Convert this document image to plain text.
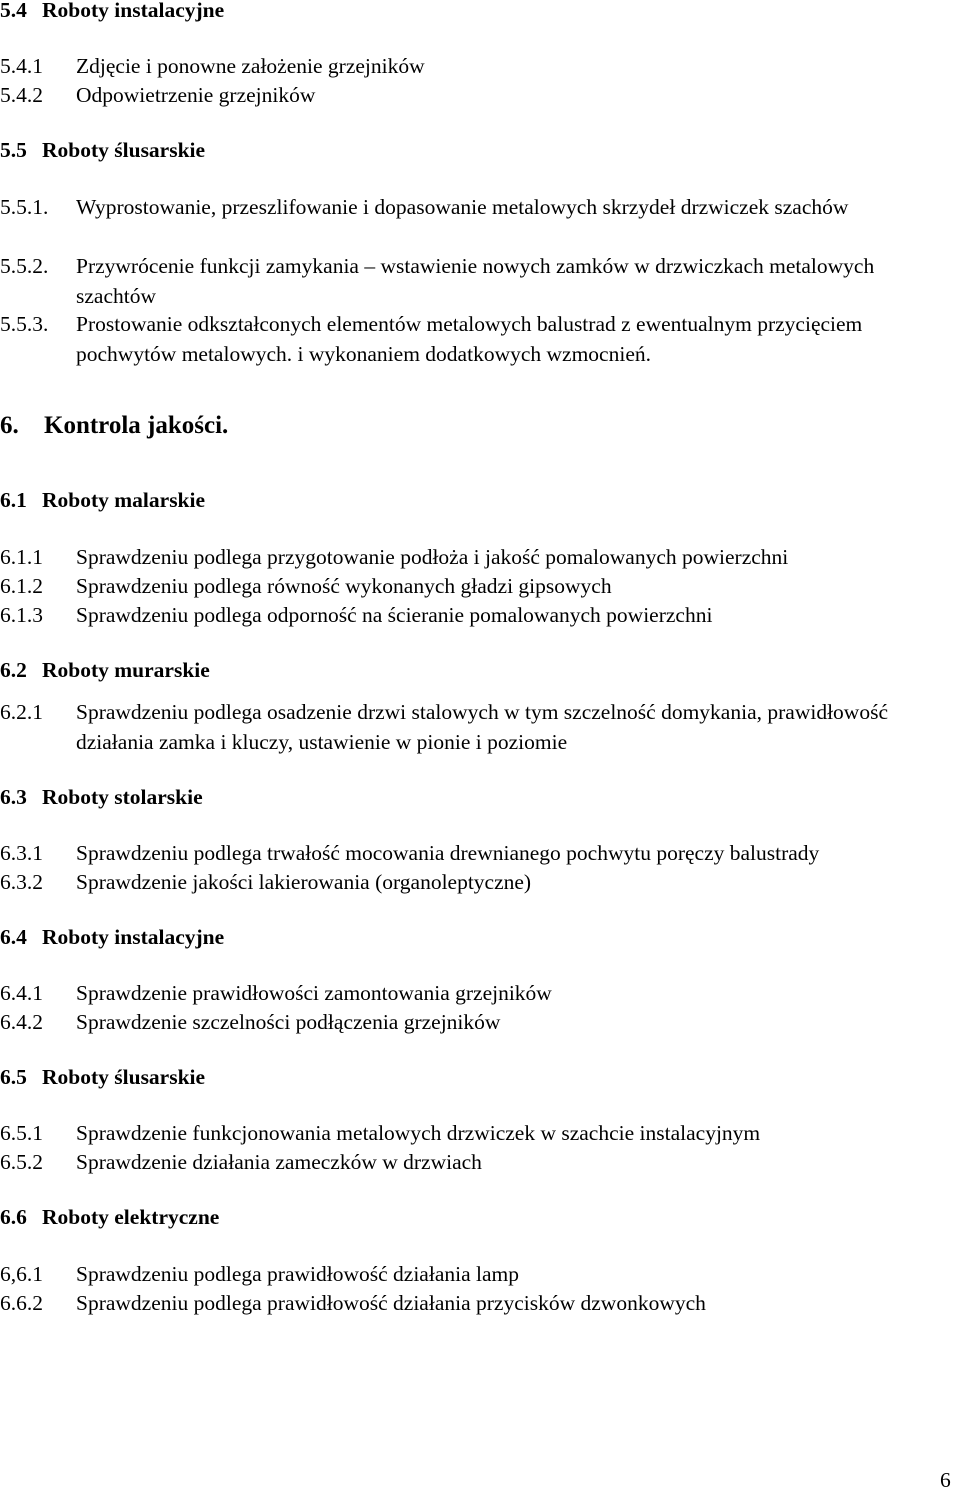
5.4 Roboty instalacyjne
5.4.1	Zdjęcie i ponowne założenie grzejników
5.4.2	Odpowietrzenie grzejników
5.5 Roboty ślusarskie
5.5.1.	Wyprostowanie, przeszlifowanie i dopasowanie metalowych skrzydeł drzwiczek szachów
5.5.2.	Przywrócenie funkcji zamykania – wstawienie nowych zamków w drzwiczkach metalowych szachtów
5.5.3.	Prostowanie odkształconych elementów metalowych balustrad z ewentualnym przycięciem pochwytów metalowych. i wykonaniem dodatkowych wzmocnień.
6. Kontrola jakości.
6.1 Roboty malarskie
6.1.1	Sprawdzeniu podlega przygotowanie podłoża i jakość pomalowanych powierzchni
6.1.2	Sprawdzeniu podlega równość wykonanych gładzi gipsowych
6.1.3	Sprawdzeniu podlega odporność na ścieranie pomalowanych powierzchni
6.2 Roboty murarskie
6.2.1	Sprawdzeniu podlega osadzenie drzwi stalowych w tym szczelność domykania, prawidłowość działania zamka i kluczy, ustawienie w pionie i poziomie
6.3 Roboty stolarskie
6.3.1	Sprawdzeniu podlega trwałość mocowania drewnianego pochwytu poręczy balustrady
6.3.2	Sprawdzenie jakości lakierowania (organoleptyczne)
6.4 Roboty instalacyjne
6.4.1	Sprawdzenie prawidłowości zamontowania grzejników
6.4.2	Sprawdzenie szczelności podłączenia grzejników
6.5 Roboty ślusarskie
6.5.1	Sprawdzenie funkcjonowania metalowych drzwiczek w szachcie instalacyjnym
6.5.2	Sprawdzenie działania zameczków w drzwiach
6.6 Roboty elektryczne
6,6.1	Sprawdzeniu podlega prawidłowość działania lamp
6.6.2	Sprawdzeniu podlega prawidłowość działania przycisków dzwonkowych
6
